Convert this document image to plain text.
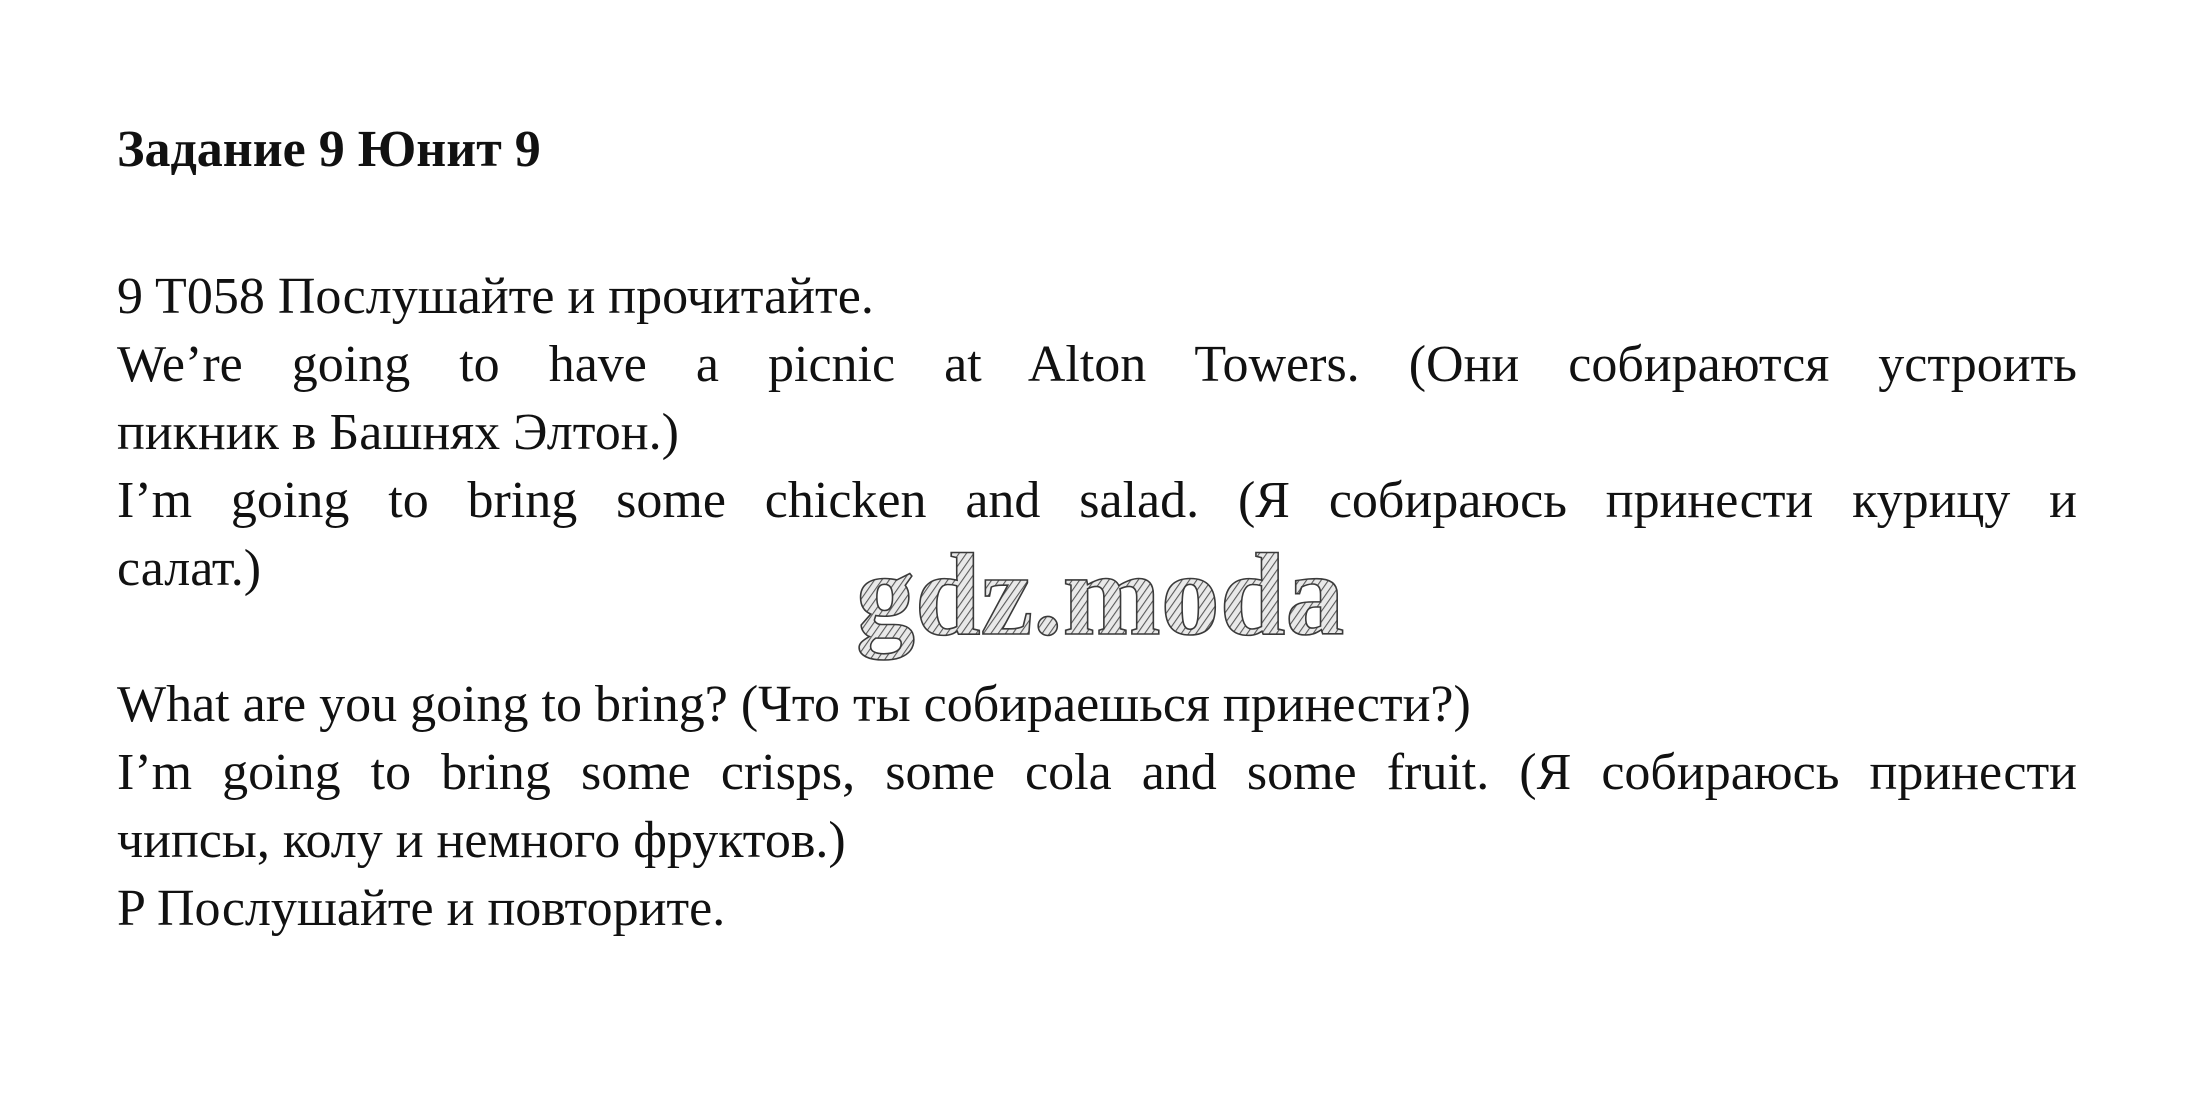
Задание 9 Юнит 9
9 T058 Послушайте и прочитайте.
We’re going to have a picnic at Alton Towers. (Они собираются устроить
пикник в Башнях Элтон.)
I’m going to bring some chicken and salad. (Я собираюсь принести курицу и
салат.)
What are you going to bring? (Что ты собираешься принести?)
I’m going to bring some crisps, some cola and some fruit. (Я собираюсь принести
чипсы, колу и немного фруктов.)
P Послушайте и повторите.
gdz.moda
